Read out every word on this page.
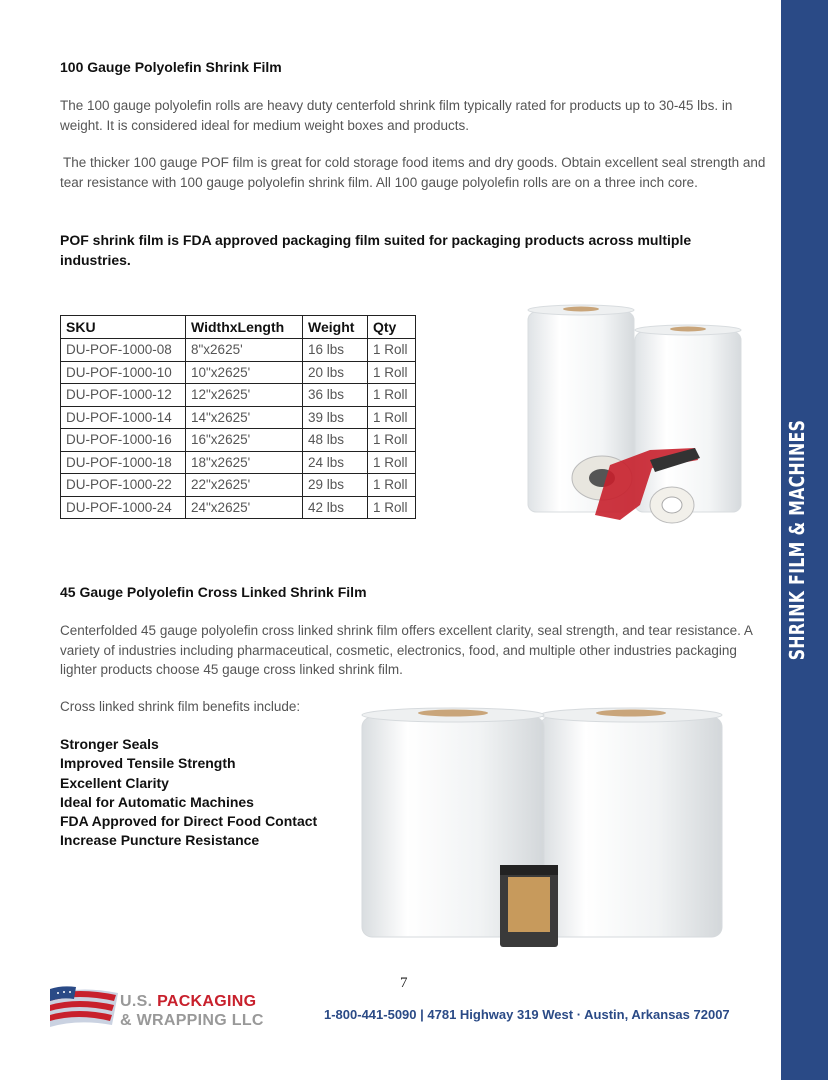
SHRINK FILM & MACHINES
100 Gauge Polyolefin Shrink Film

The 100 gauge polyolefin rolls are heavy duty centerfold shrink film typically rated for products up to 30-45 lbs. in weight. It is considered ideal for medium weight boxes and products.

The thicker 100 gauge POF film is great for cold storage food items and dry goods. Obtain excellent seal strength and tear resistance with 100 gauge polyolefin shrink film. All 100 gauge polyolefin rolls are on a three inch core.

POF shrink film is FDA approved packaging film suited for packaging products across multiple industries.

SKU	WidthxLength	Weight	Qty
DU-POF-1000-08	8"x2625'	16 lbs	1 Roll
DU-POF-1000-10	10"x2625'	20 lbs	1 Roll
DU-POF-1000-12	12"x2625'	36 lbs	1 Roll
DU-POF-1000-14	14"x2625'	39 lbs	1 Roll
DU-POF-1000-16	16"x2625'	48 lbs	1 Roll
DU-POF-1000-18	18"x2625'	24 lbs	1 Roll
DU-POF-1000-22	22"x2625'	29 lbs	1 Roll
DU-POF-1000-24	24"x2625'	42 lbs	1 Roll

45 Gauge Polyolefin Cross Linked Shrink Film

Centerfolded 45 gauge polyolefin cross linked shrink film offers excellent clarity, seal strength, and tear resistance. A variety of industries including pharmaceutical, cosmetic, electronics, food, and multiple other industries packaging lighter products choose 45 gauge cross linked shrink film.

Cross linked shrink film benefits include:

Stronger Seals
Improved Tensile Strength
Excellent Clarity
Ideal for Automatic Machines
FDA Approved for Direct Food Contact
Increase Puncture Resistance
7
U.S. PACKAGING
& WRAPPING LLC	1-800-441-5090 | 4781 Highway 319 West · Austin, Arkansas 72007
